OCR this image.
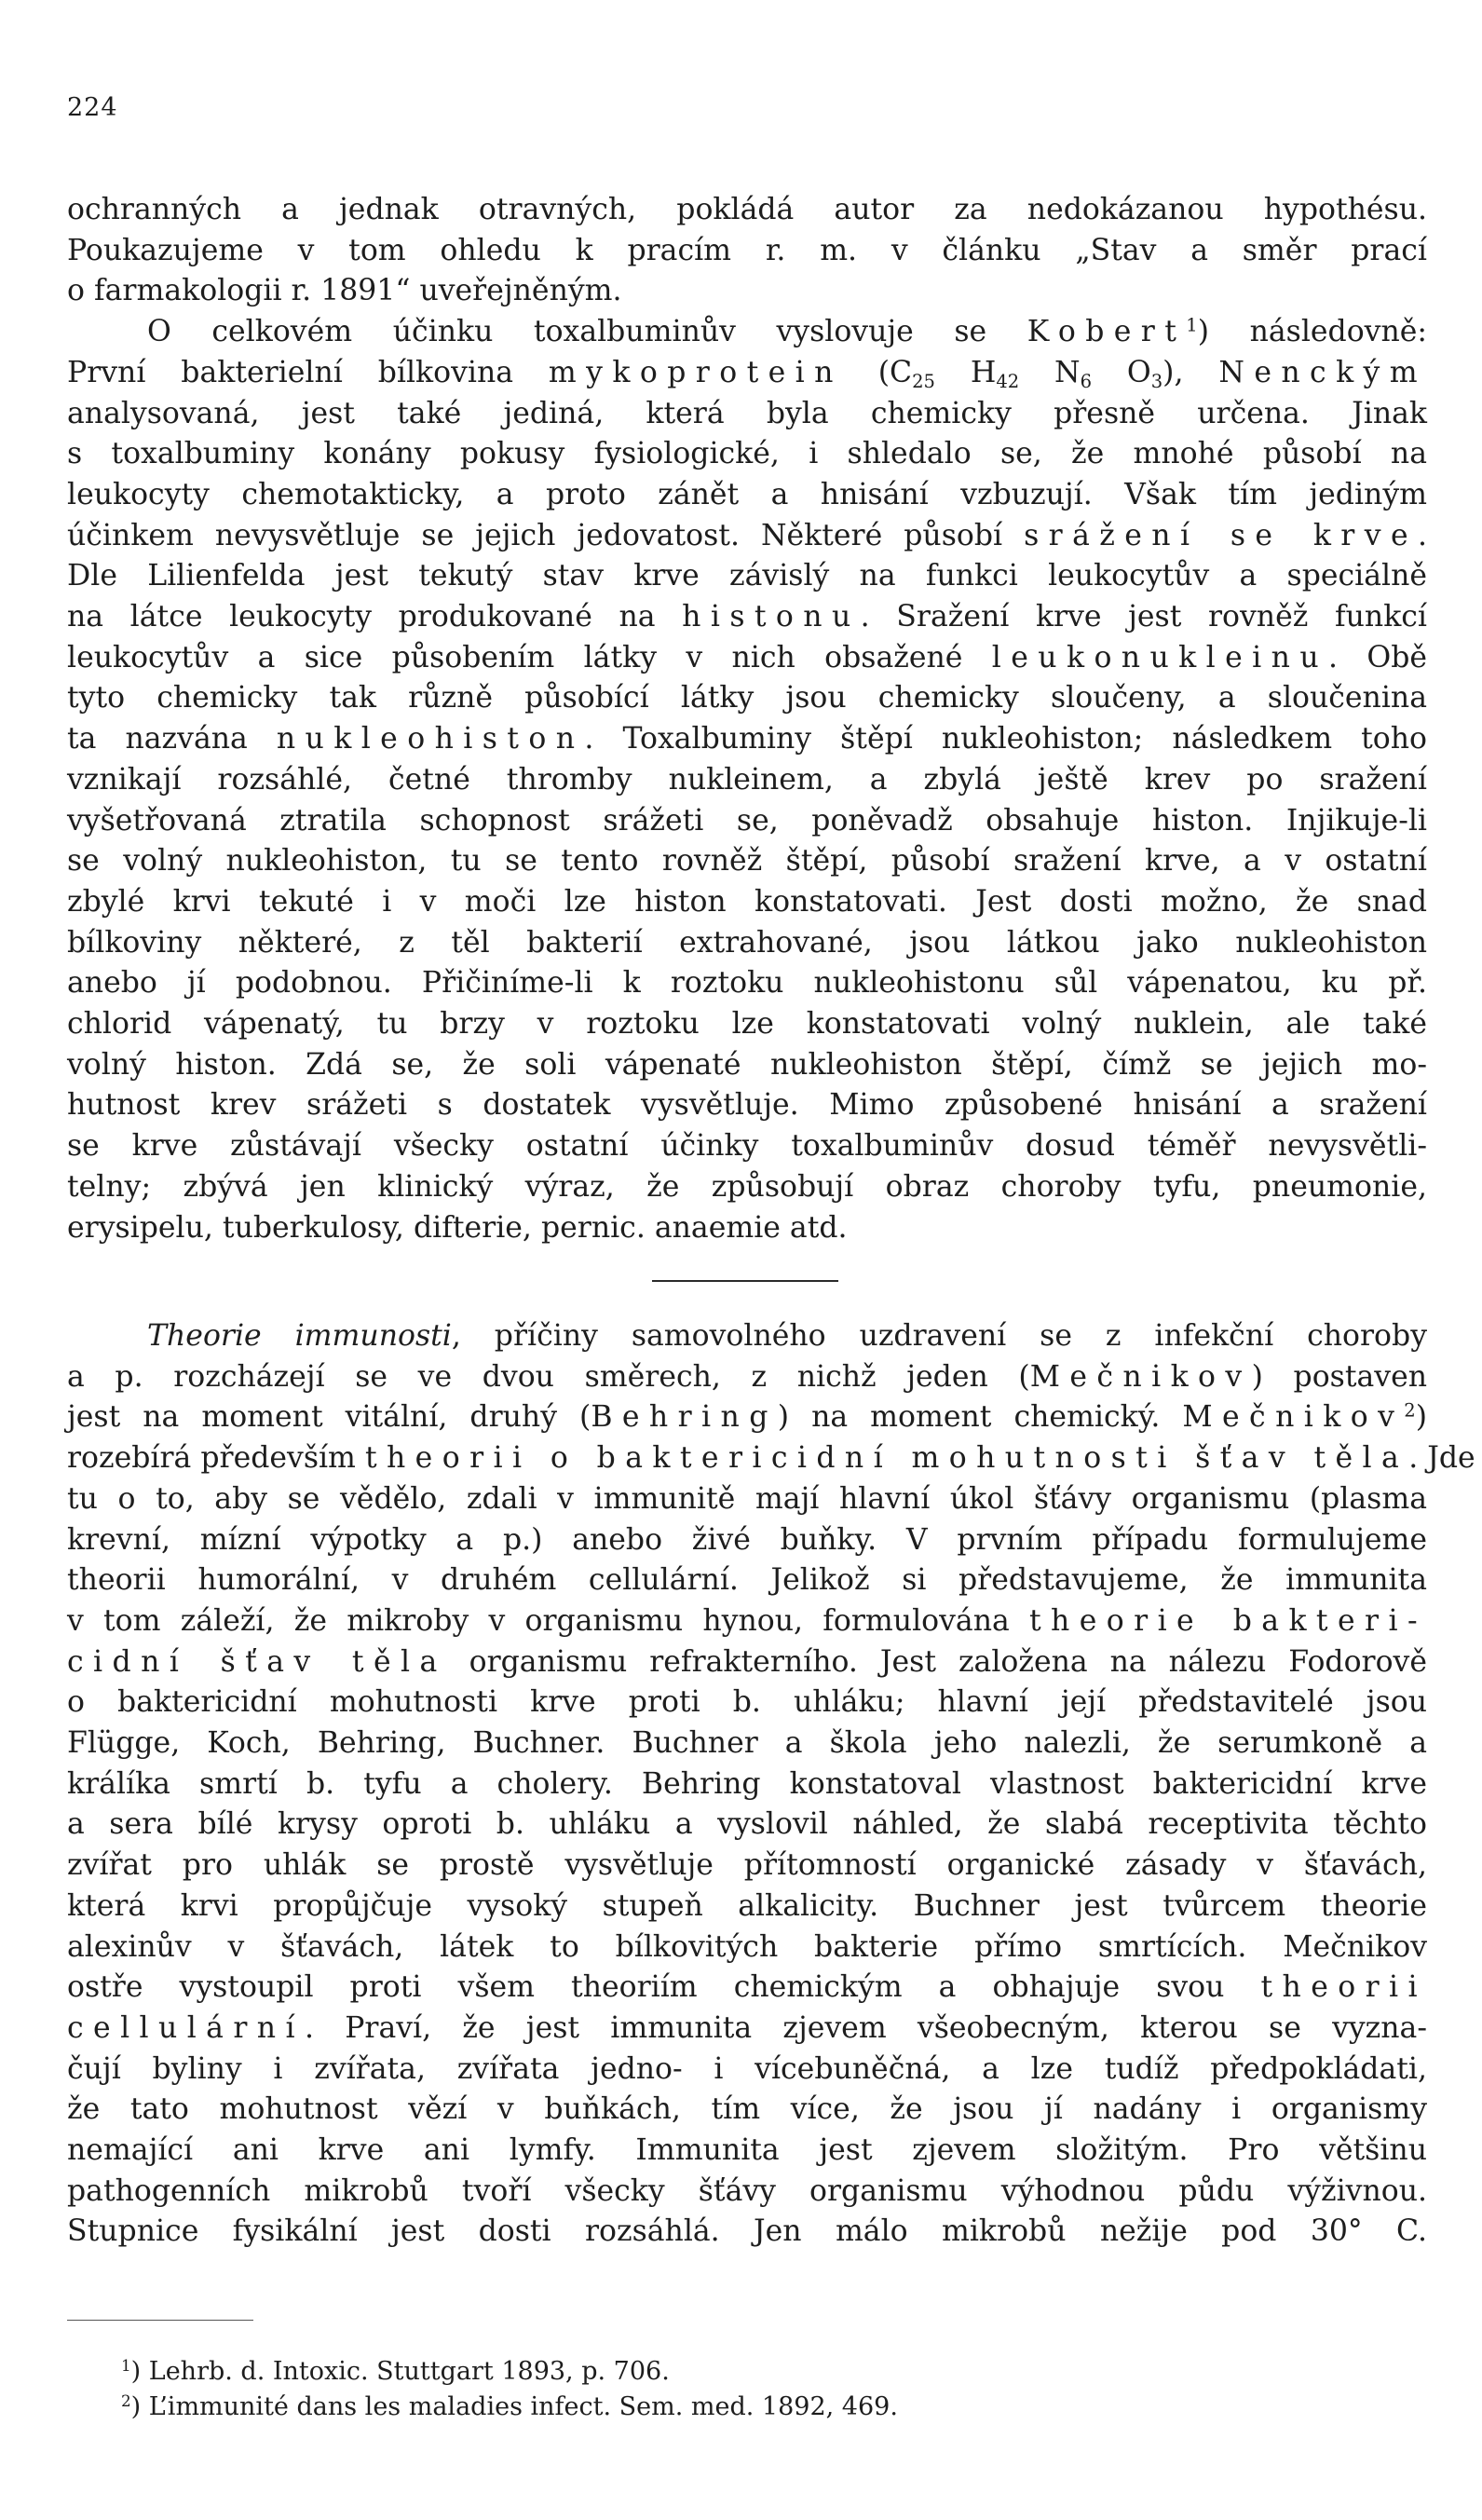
224
ochranných a jednak otravných, pokládá autor za nedokázanou hypothésu.
Poukazujeme v tom ohledu k pracím r. m. v článku „Stav a směr prací
o farmakologii r. 1891“ uveřejněným.
O celkovém účinku toxalbuminův vyslovuje se Kobert$^1$) následovně:
První bakterielní bílkovina mykoprotein ($C_{25}$ $H_{42}$ $N_6$ $O_3$), Nenckým
analysovaná, jest také jediná, která byla chemicky přesně určena. Jinak
s toxalbuminy konány pokusy fysiologické, i shledalo se, že mnohé působí na
leukocyty chemotakticky, a proto zánět a hnisání vzbuzují. Však tím jediným
účinkem nevysvětluje se jejich jedovatost. Některé působí srážení se krve.
Dle Lilienfelda jest tekutý stav krve závislý na funkci leukocytův a speciálně
na látce leukocyty produkované na histonu. Sražení krve jest rovněž funkcí
leukocytův a sice působením látky v nich obsažené leukonukleinu. Obě
tyto chemicky tak různě působící látky jsou chemicky sloučeny, a sloučenina
ta nazvána nukleohiston. Toxalbuminy štěpí nukleohiston; následkem toho
vznikají rozsáhlé, četné thromby nukleinem, a zbylá ještě krev po sražení
vyšetřovaná ztratila schopnost srážeti se, poněvadž obsahuje histon. Injikuje-li
se volný nukleohiston, tu se tento rovněž štěpí, působí sražení krve, a v ostatní
zbylé krvi tekuté i v moči lze histon konstatovati. Jest dosti možno, že snad
bílkoviny některé, z těl bakterií extrahované, jsou látkou jako nukleohiston
anebo jí podobnou. Přičiníme-li k roztoku nukleohistonu sůl vápenatou, ku př.
chlorid vápenatý, tu brzy v roztoku lze konstatovati volný nuklein, ale také
volný histon. Zdá se, že soli vápenaté nukleohiston štěpí, čímž se jejich mo-
hutnost krev srážeti s dostatek vysvětluje. Mimo způsobené hnisání a sražení
se krve zůstávají všecky ostatní účinky toxalbuminův dosud téměř nevysvětli-
telny; zbývá jen klinický výraz, že způsobují obraz choroby tyfu, pneumonie,
erysipelu, tuberkulosy, difterie, pernic. anaemie atd.
Theorie immunosti, příčiny samovolného uzdravení se z infekční choroby
a p. rozcházejí se ve dvou směrech, z nichž jeden (Mečnikov) postaven
jest na moment vitální, druhý (Behring) na moment chemický. Mečnikov$^2$)
rozebírá především theorii o baktericidní mohutnosti šťav těla. Jde
tu o to, aby se vědělo, zdali v immunitě mají hlavní úkol šťávy organismu (plasma
krevní, mízní výpotky a p.) anebo živé buňky. V prvním případu formulujeme
theorii humorální, v druhém cellulární. Jelikož si představujeme, že immunita
v tom záleží, že mikroby v organismu hynou, formulována theorie bakteri-
cidní šťav těla organismu refrakterního. Jest založena na nálezu Fodorově
o baktericidní mohutnosti krve proti b. uhláku; hlavní její představitelé jsou
Flügge, Koch, Behring, Buchner. Buchner a škola jeho nalezli, že serumkoně a
králíka smrtí b. tyfu a cholery. Behring konstatoval vlastnost baktericidní krve
a sera bílé krysy oproti b. uhláku a vyslovil náhled, že slabá receptivita těchto
zvířat pro uhlák se prostě vysvětluje přítomností organické zásady v šťavách,
která krvi propůjčuje vysoký stupeň alkalicity. Buchner jest tvůrcem theorie
alexinův v šťavách, látek to bílkovitých bakterie přímo smrtících. Mečnikov
ostře vystoupil proti všem theoriím chemickým a obhajuje svou theorii
cellulární. Praví, že jest immunita zjevem všeobecným, kterou se vyzna-
čují byliny i zvířata, zvířata jedno- i vícebuněčná, a lze tudíž předpokládati,
že tato mohutnost vězí v buňkách, tím více, že jsou jí nadány i organismy
nemající ani krve ani lymfy. Immunita jest zjevem složitým. Pro většinu
pathogenních mikrobů tvoří všecky šťávy organismu výhodnou půdu výživnou.
Stupnice fysikální jest dosti rozsáhlá. Jen málo mikrobů nežije pod 30° C.
$^1$) Lehrb. d. Intoxic. Stuttgart 1893, p. 706.
$^2$) L’immunité dans les maladies infect. Sem. med. 1892, 469.
